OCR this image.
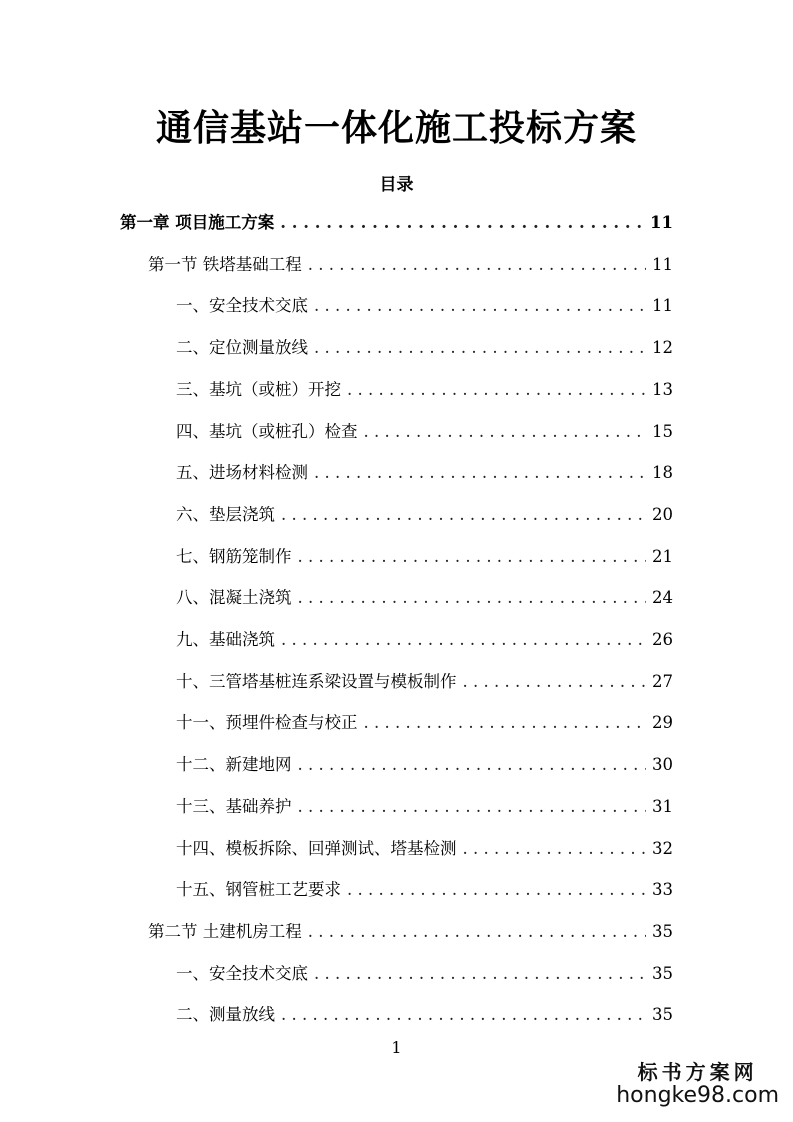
通信基站一体化施工投标方案
目录
第一章 项目施工方案 . . .	11
第一节 铁塔基础工程 . . .	11
一、安全技术交底 . . .	11
二、定位测量放线 . . .	12
三、基坑（或桩）开挖 . . .	13
四、基坑（或桩孔）检查 . . .	15
五、进场材料检测 . . .	18
六、垫层浇筑 . . .	20
七、钢筋笼制作 . . .	21
八、混凝土浇筑 . . .	24
九、基础浇筑 . . .	26
十、三管塔基桩连系梁设置与模板制作 . . .	27
十一、预埋件检查与校正 . . .	29
十二、新建地网 . . .	30
十三、基础养护 . . .	31
十四、模板拆除、回弹测试、塔基检测 . . .	32
十五、钢管桩工艺要求 . . .	33
第二节 土建机房工程 . . .	35
一、安全技术交底 . . .	35
二、测量放线 . . .	35
1
标书方案网
hongke98.com
